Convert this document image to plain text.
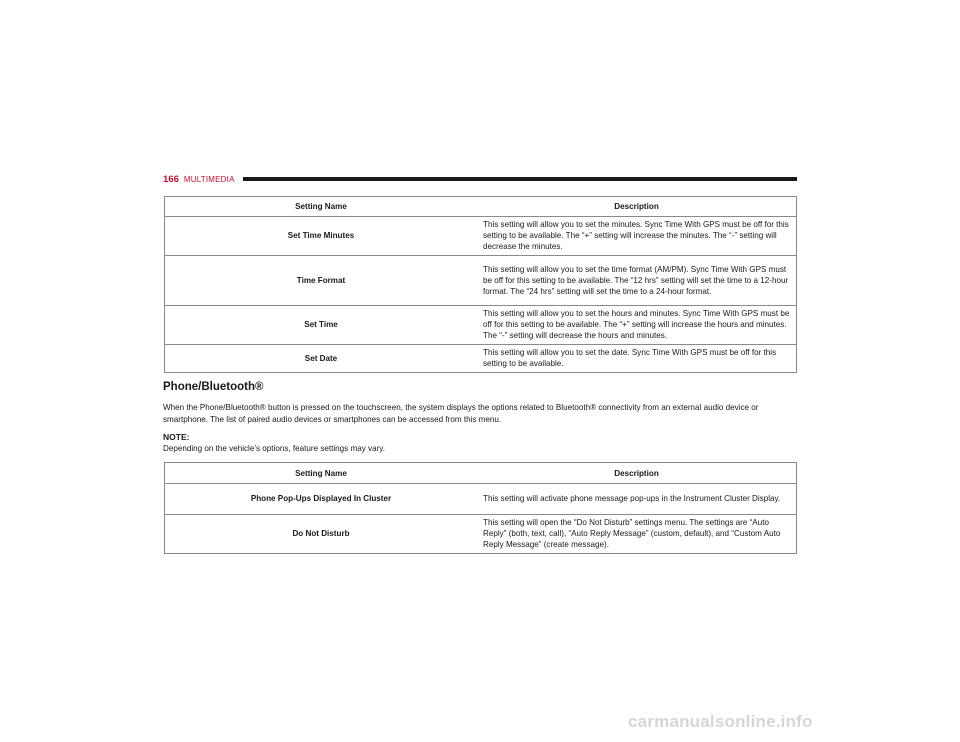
166 MULTIMEDIA
Setting Name	Description
Set Time Minutes	This setting will allow you to set the minutes. Sync Time With GPS must be off for this setting to be available. The “+” setting will increase the minutes. The “-” setting will decrease the minutes.
Time Format	This setting will allow you to set the time format (AM/PM). Sync Time With GPS must be off for this setting to be available. The “12 hrs” setting will set the time to a 12-hour format. The “24 hrs” setting will set the time to a 24-hour format.
Set Time	This setting will allow you to set the hours and minutes. Sync Time With GPS must be off for this setting to be available. The “+” setting will increase the hours and minutes. The “-” setting will decrease the hours and minutes.
Set Date	This setting will allow you to set the date. Sync Time With GPS must be off for this setting to be available.
Phone/Bluetooth®
When the Phone/Bluetooth® button is pressed on the touchscreen, the system displays the options related to Bluetooth® connectivity from an external audio device or smartphone. The list of paired audio devices or smartphones can be accessed from this menu.
NOTE:
Depending on the vehicle’s options, feature settings may vary.
Setting Name	Description
Phone Pop-Ups Displayed In Cluster	This setting will activate phone message pop-ups in the Instrument Cluster Display.
Do Not Disturb	This setting will open the “Do Not Disturb” settings menu. The settings are “Auto Reply” (both, text, call), “Auto Reply Message” (custom, default), and “Custom Auto Reply Message” (create message).
carmanualsonline.info
